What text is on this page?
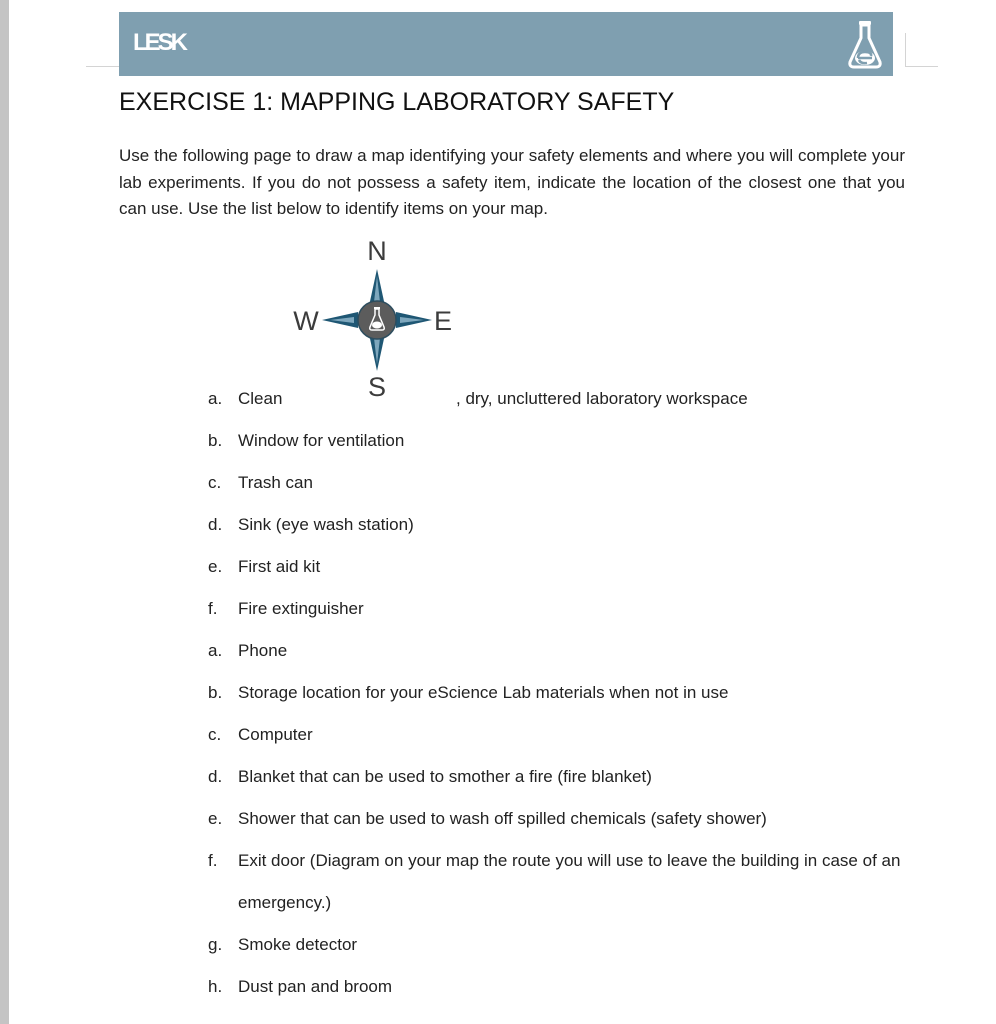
LESK
EXERCISE 1: MAPPING LABORATORY SAFETY

Use the following page to draw a map identifying your safety elements and where you will complete your lab experiments. If you do not possess a safety item, indicate the location of the closest one that you can use. Use the list below to identify items on your map.

N
S
E
W
a. Clean	, dry, uncluttered laboratory workspace
b. Window for ventilation
c. Trash can
d. Sink (eye wash station)
e. First aid kit
f. Fire extinguisher
a. Phone
b. Storage location for your eScience Lab materials when not in use
c. Computer
d. Blanket that can be used to smother a fire (fire blanket)
e. Shower that can be used to wash off spilled chemicals (safety shower)
f. Exit door (Diagram on your map the route you will use to leave the building in case of an emergency.)
g. Smoke detector
h. Dust pan and broom
